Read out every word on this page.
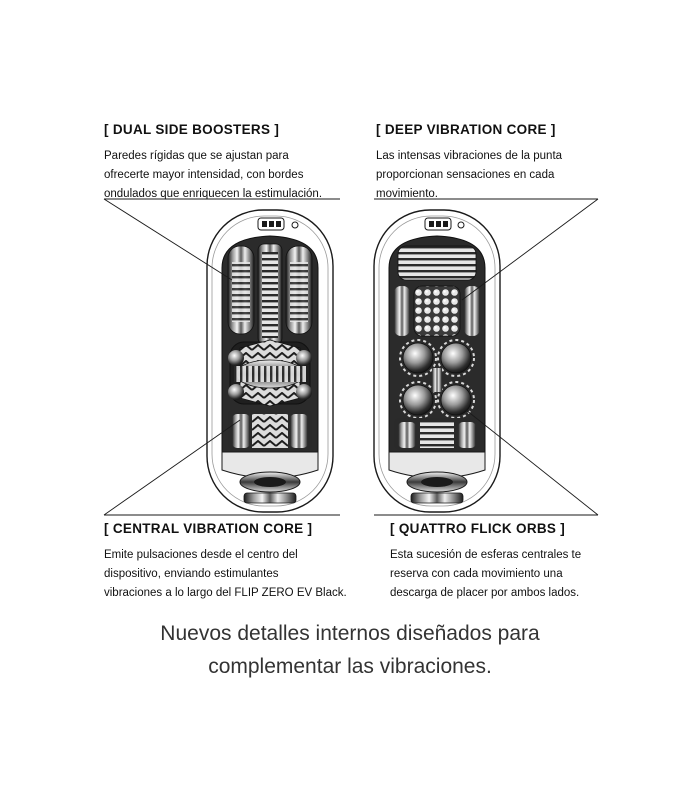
[ DUAL SIDE BOOSTERS ]

Paredes rígidas que se ajustan para
ofrecerte mayor intensidad, con bordes
ondulados que enriquecen la estimulación.

[ DEEP VIBRATION CORE ]

Las intensas vibraciones de la punta
proporcionan sensaciones en cada
movimiento.

[ CENTRAL VIBRATION CORE ]

Emite pulsaciones desde el centro del
dispositivo, enviando estimulantes
vibraciones a lo largo del FLIP ZERO EV Black.

[ QUATTRO FLICK ORBS ]

Esta sucesión de esferas centrales te
reserva con cada movimiento una
descarga de placer por ambos lados.

Nuevos detalles internos diseñados para
complementar las vibraciones.
